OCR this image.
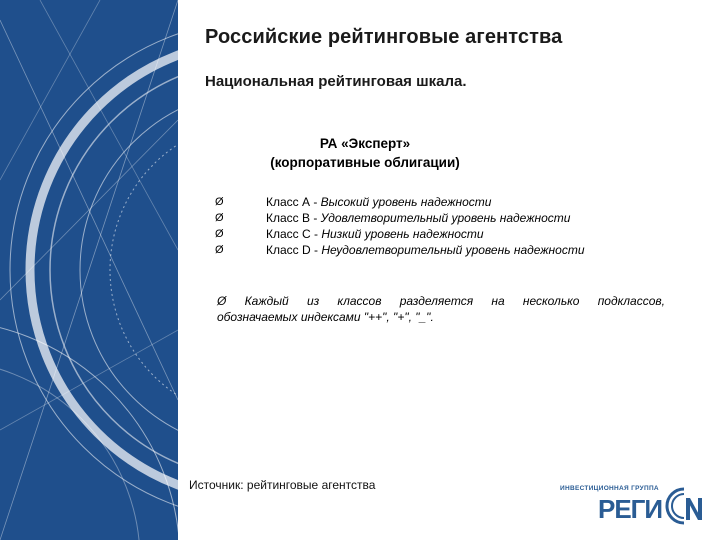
Российские рейтинговые агентства
Национальная рейтинговая шкала.
РА «Эксперт»
(корпоративные облигации)
Ø	Класс А - Высокий уровень надежности
Ø	Класс В - Удовлетворительный уровень надежности
Ø	Класс С - Низкий уровень надежности
Ø	Класс D - Неудовлетворительный уровень надежности
Ø Каждый из классов разделяется на несколько подклассов,
обозначаемых индексами "++", "+", "_".
Источник: рейтинговые агентства	ИНВЕСТИЦИОННАЯ ГРУППА
РЕГИ
